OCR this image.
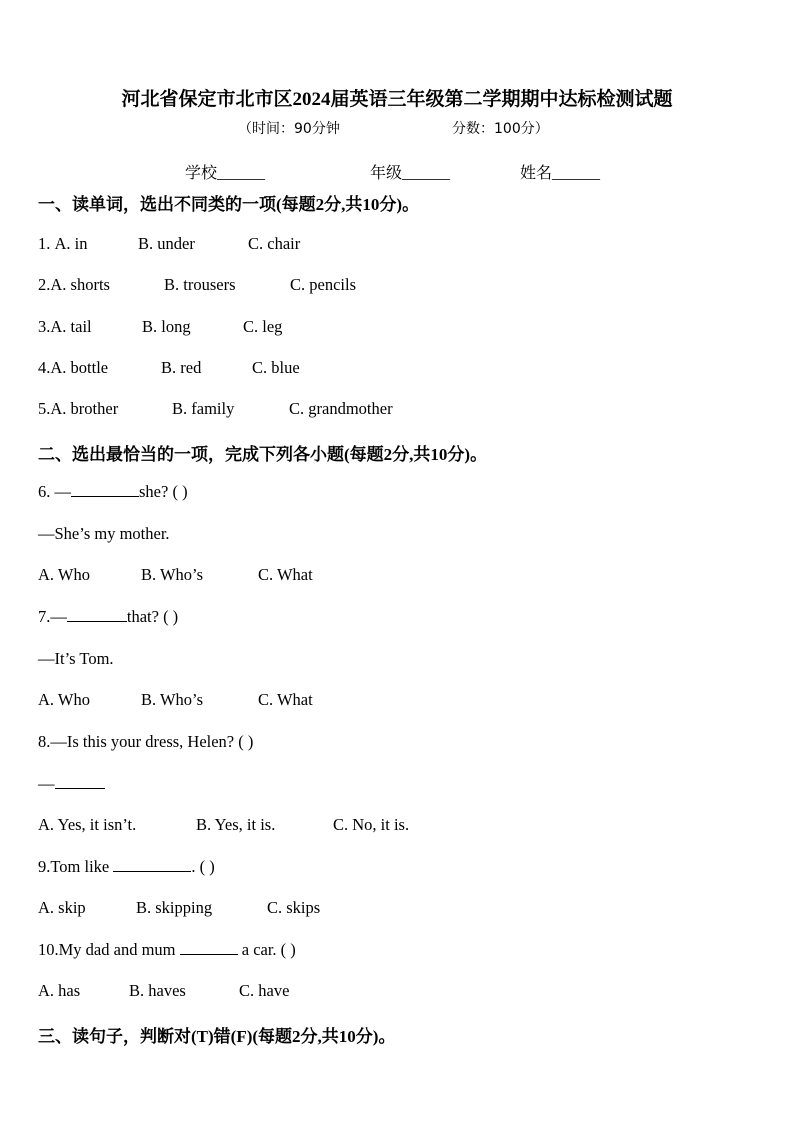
河北省保定市北市区2024届英语三年级第二学期期中达标检测试题
（时间：90分钟	分数：100分）
学校______	年级______	姓名______
一、读单词，选出不同类的一项(每题2分,共10分)。
1. A. in	B. under	C. chair
2.A. shorts	B. trousers	C. pencils
3.A. tail	B. long	C. leg
4.A. bottle	B. red	C. blue
5.A. brother	B. family	C. grandmother
二、选出最恰当的一项，完成下列各小题(每题2分,共10分)。
6. —	she? ( )
—She’s my mother.
A. Who	B. Who’s	C. What
7.—	that? ( )
—It’s Tom.
A. Who	B. Who’s	C. What
8.—Is this your dress, Helen? ( )
—
A. Yes, it isn’t.	B. Yes, it is.	C. No, it is.
9.Tom like	. ( )
A. skip	B. skipping	C. skips
10.My dad and mum	a car. ( )
A. has	B. haves	C. have
三、读句子，判断对(T)错(F)(每题2分,共10分)。
